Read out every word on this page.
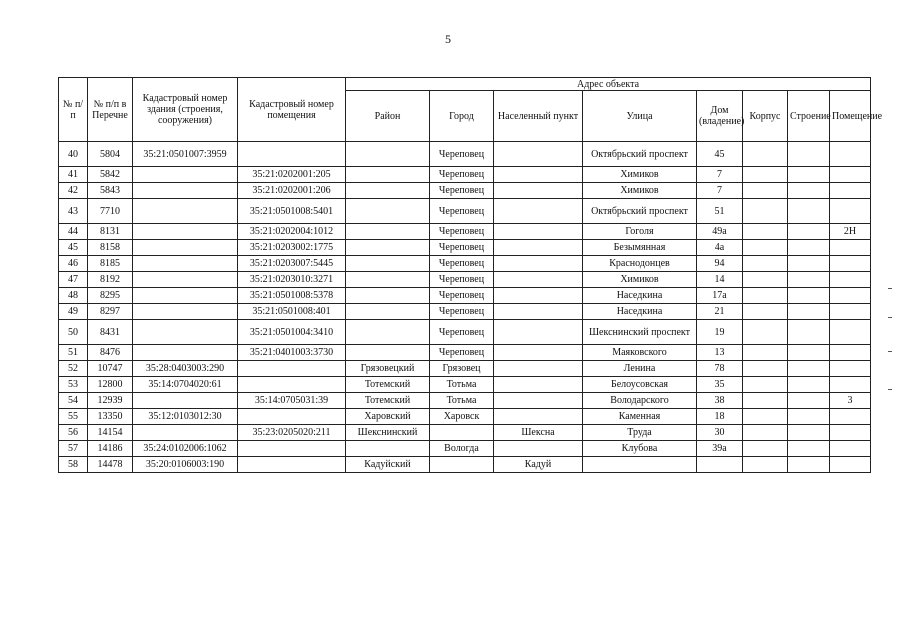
5
№ п/п	№ п/п в Перечне	Кадастровый номер здания (строения, сооружения)	Кадастровый номер помещения	Адрес объекта							
				Район	Город	Населенный пункт	Улица	Дом (владение)	Корпус	Строение	Помещение
40	5804	35:21:0501007:3959			Череповец		Октябрьский проспект	45			
41	5842		35:21:0202001:205		Череповец		Химиков	7			
42	5843		35:21:0202001:206		Череповец		Химиков	7			
43	7710		35:21:0501008:5401		Череповец		Октябрьский проспект	51			
44	8131		35:21:0202004:1012		Череповец		Гоголя	49а			2Н
45	8158		35:21:0203002:1775		Череповец		Безымянная	4а			
46	8185		35:21:0203007:5445		Череповец		Краснодонцев	94			
47	8192		35:21:0203010:3271		Череповец		Химиков	14			
48	8295		35:21:0501008:5378		Череповец		Наседкина	17а			
49	8297		35:21:0501008:401		Череповец		Наседкина	21			
50	8431		35:21:0501004:3410		Череповец		Шекснинский проспект	19			
51	8476		35:21:0401003:3730		Череповец		Маяковского	13			
52	10747	35:28:0403003:290		Грязовецкий	Грязовец		Ленина	78			
53	12800	35:14:0704020:61		Тотемский	Тотьма		Белоусовская	35			
54	12939		35:14:0705031:39	Тотемский	Тотьма		Володарского	38			3
55	13350	35:12:0103012:30		Харовский	Харовск		Каменная	18			
56	14154		35:23:0205020:211	Шекснинский		Шексна	Труда	30			
57	14186	35:24:0102006:1062			Вологда		Клубова	39а			
58	14478	35:20:0106003:190		Кадуйский		Кадуй					
